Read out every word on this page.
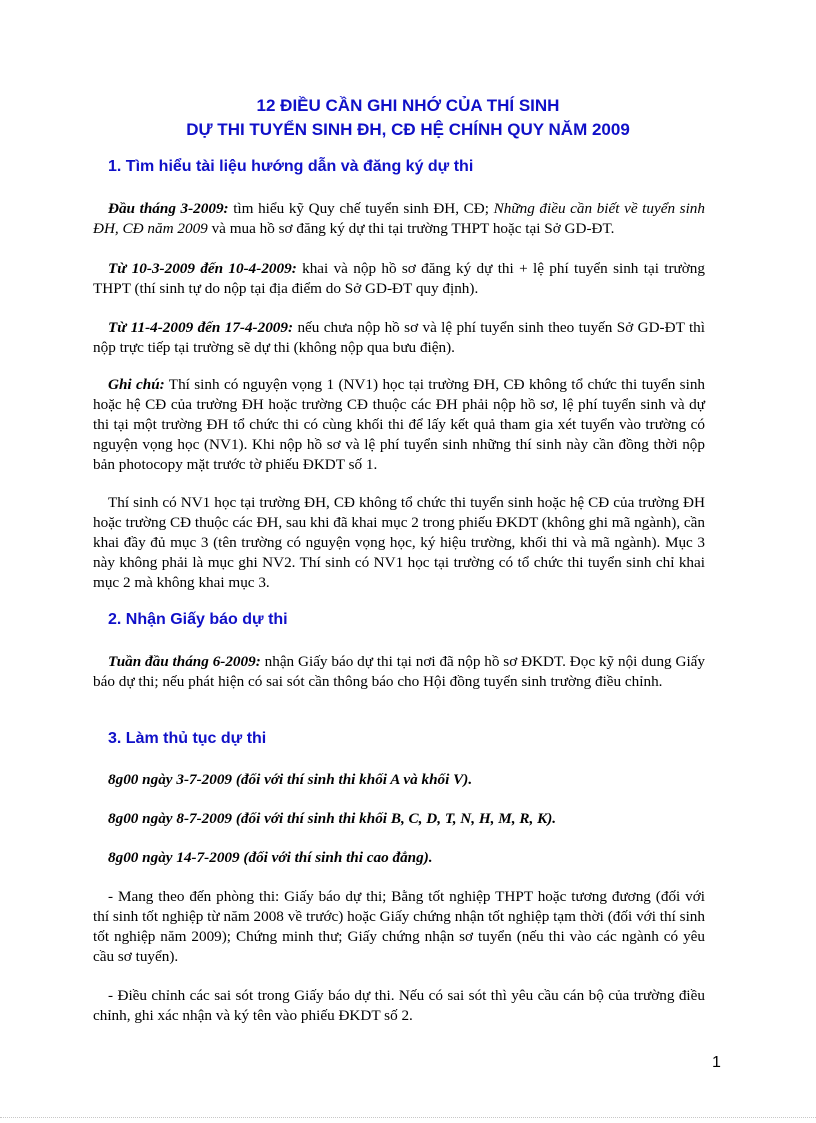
12 ĐIỀU CẦN GHI NHỚ CỦA THÍ SINH
DỰ THI TUYỂN SINH ĐH, CĐ HỆ CHÍNH QUY NĂM 2009
1. Tìm hiểu tài liệu hướng dẫn và đăng ký dự thi
Đầu tháng 3-2009: tìm hiểu kỹ Quy chế tuyển sinh ĐH, CĐ; Những điều cần biết về tuyển sinh ĐH, CĐ năm 2009 và mua hồ sơ đăng ký dự thi tại trường THPT hoặc tại Sở GD-ĐT.
Từ 10-3-2009 đến 10-4-2009: khai và nộp hồ sơ đăng ký dự thi + lệ phí tuyển sinh tại trường THPT (thí sinh tự do nộp tại địa điểm do Sở GD-ĐT quy định).
Từ 11-4-2009 đến 17-4-2009: nếu chưa nộp hồ sơ và lệ phí tuyển sinh theo tuyến Sở GD-ĐT thì nộp trực tiếp tại trường sẽ dự thi (không nộp qua bưu điện).
Ghi chú: Thí sinh có nguyện vọng 1 (NV1) học tại trường ĐH, CĐ không tổ chức thi tuyển sinh hoặc hệ CĐ của trường ĐH hoặc trường CĐ thuộc các ĐH phải nộp hồ sơ, lệ phí tuyển sinh và dự thi tại một trường ĐH tổ chức thi có cùng khối thi để lấy kết quả tham gia xét tuyển vào trường có nguyện vọng học (NV1). Khi nộp hồ sơ và lệ phí tuyển sinh những thí sinh này cần đồng thời nộp bản photocopy mặt trước tờ phiếu ĐKDT số 1.
Thí sinh có NV1 học tại trường ĐH, CĐ không tổ chức thi tuyển sinh hoặc hệ CĐ của trường ĐH hoặc trường CĐ thuộc các ĐH, sau khi đã khai mục 2 trong phiếu ĐKDT (không ghi mã ngành), cần khai đầy đủ mục 3 (tên trường có nguyện vọng học, ký hiệu trường, khối thi và mã ngành). Mục 3 này không phải là mục ghi NV2. Thí sinh có NV1 học tại trường có tổ chức thi tuyển sinh chỉ khai mục 2 mà không khai mục 3.
2. Nhận Giấy báo dự thi
Tuần đầu tháng 6-2009: nhận Giấy báo dự thi tại nơi đã nộp hồ sơ ĐKDT. Đọc kỹ nội dung Giấy báo dự thi; nếu phát hiện có sai sót cần thông báo cho Hội đồng tuyển sinh trường điều chỉnh.
3. Làm thủ tục dự thi
8g00 ngày 3-7-2009 (đối với thí sinh thi khối A và khối V).
8g00 ngày 8-7-2009 (đối với thí sinh thi khối B, C, D, T, N, H, M, R, K).
8g00 ngày 14-7-2009 (đối với thí sinh thi cao đẳng).
- Mang theo đến phòng thi: Giấy báo dự thi; Bằng tốt nghiệp THPT hoặc tương đương (đối với thí sinh tốt nghiệp từ năm 2008 về trước) hoặc Giấy chứng nhận tốt nghiệp tạm thời (đối với thí sinh tốt nghiệp năm 2009); Chứng minh thư; Giấy chứng nhận sơ tuyển (nếu thi vào các ngành có yêu cầu sơ tuyển).
- Điều chỉnh các sai sót trong Giấy báo dự thi. Nếu có sai sót thì yêu cầu cán bộ của trường điều chỉnh, ghi xác nhận và ký tên vào phiếu ĐKDT số 2.
1
